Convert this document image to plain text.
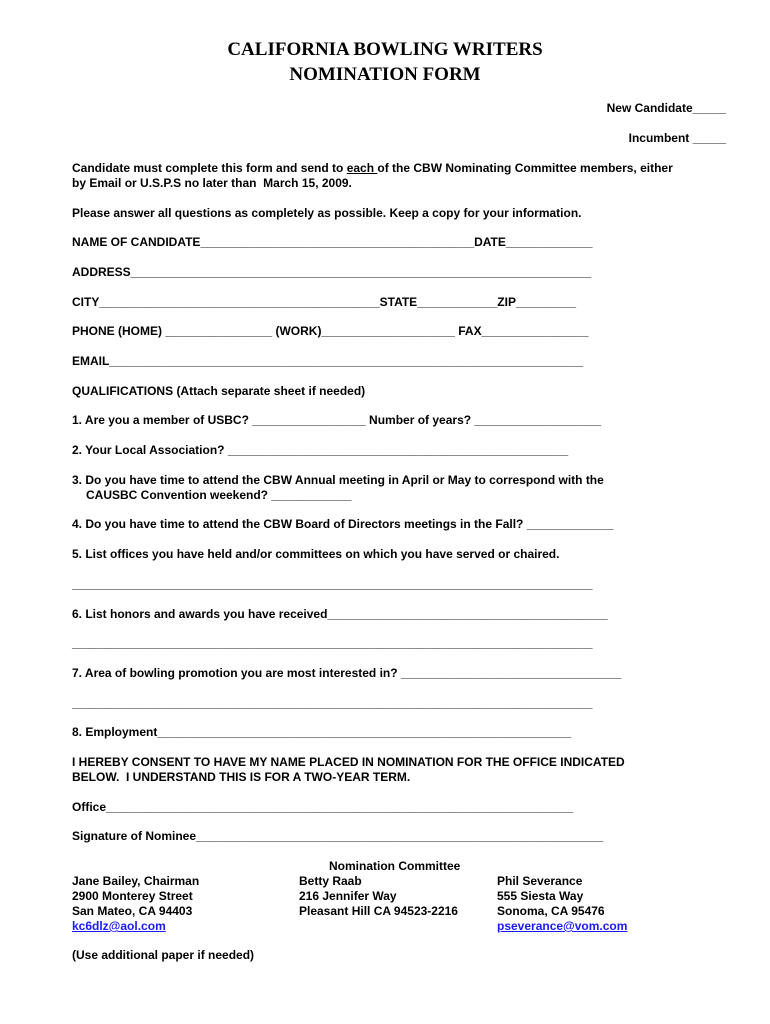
CALIFORNIA BOWLING WRITERS
NOMINATION FORM
New Candidate_____
Incumbent _____
Candidate must complete this form and send to each of the CBW Nominating Committee members, either
by Email or U.S.P.S no later than  March 15, 2009.
Please answer all questions as completely as possible. Keep a copy for your information.
NAME OF CANDIDATE_________________________________________DATE_____________
ADDRESS_____________________________________________________________________
CITY__________________________________________STATE____________ZIP_________
PHONE (HOME) ________________ (WORK)____________________ FAX________________
EMAIL_______________________________________________________________________
QUALIFICATIONS (Attach separate sheet if needed)
1. Are you a member of USBC? _________________ Number of years? ___________________
2. Your Local Association? ___________________________________________________
3. Do you have time to attend the CBW Annual meeting in April or May to correspond with the
CAUSBC Convention weekend? ____________
4. Do you have time to attend the CBW Board of Directors meetings in the Fall? _____________
5. List offices you have held and/or committees on which you have served or chaired.
______________________________________________________________________________
6. List honors and awards you have received__________________________________________
______________________________________________________________________________
7. Area of bowling promotion you are most interested in? _________________________________
______________________________________________________________________________
8. Employment______________________________________________________________
I HEREBY CONSENT TO HAVE MY NAME PLACED IN NOMINATION FOR THE OFFICE INDICATED
BELOW.  I UNDERSTAND THIS IS FOR A TWO-YEAR TERM.
Office______________________________________________________________________
Signature of Nominee_____________________________________________________________
Nomination Committee
Jane Bailey, Chairman
2900 Monterey Street
San Mateo, CA 94403
kc6dlz@aol.com
Betty Raab
216 Jennifer Way
Pleasant Hill CA 94523-2216
Phil Severance
555 Siesta Way
Sonoma, CA 95476
pseverance@vom.com
(Use additional paper if needed)
